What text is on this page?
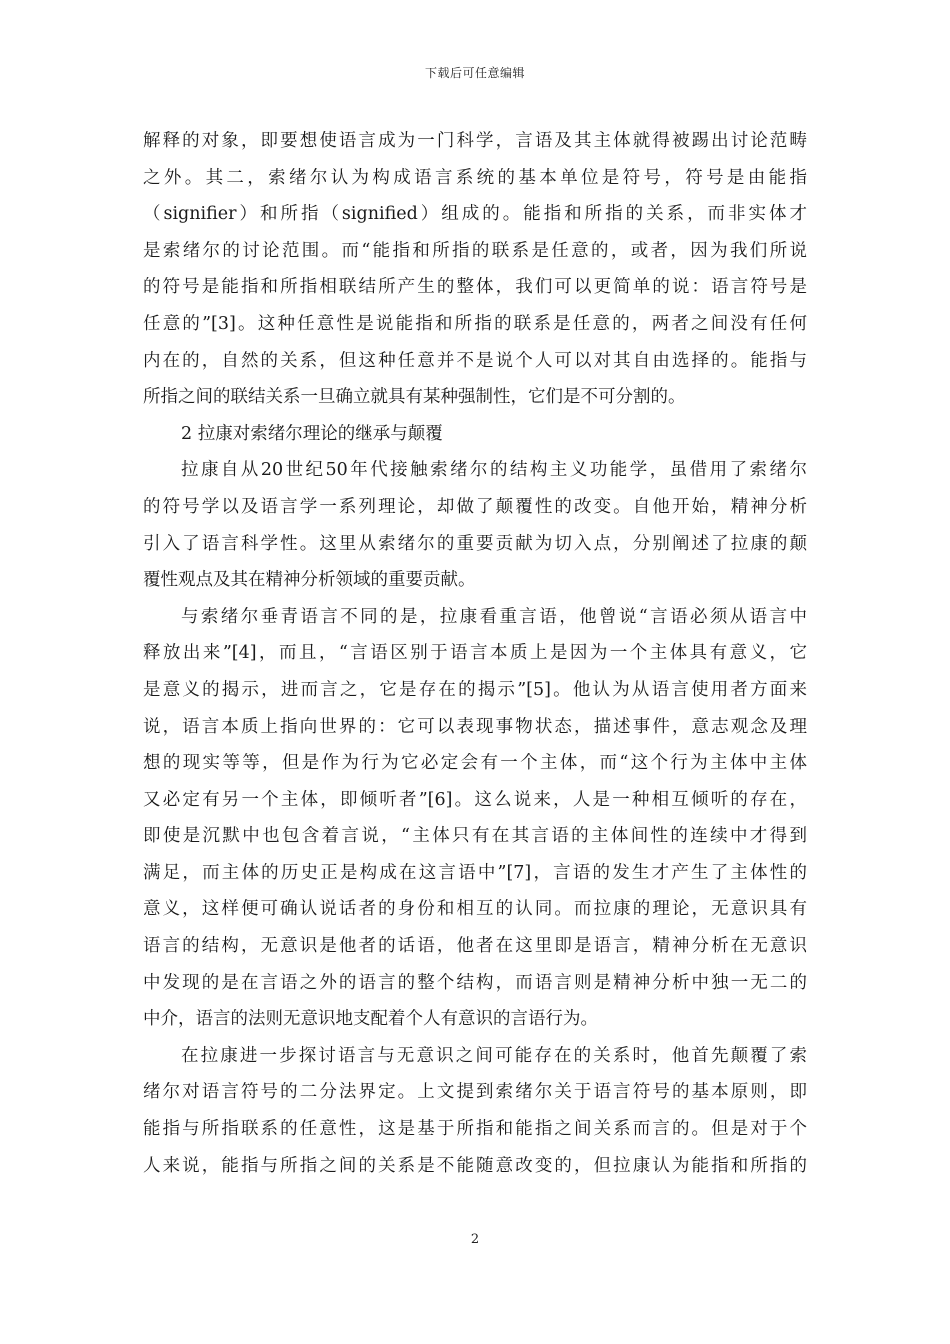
下载后可任意编辑
解释的对象，即要想使语言成为一门科学，言语及其主体就得被踢出讨论范畴
之外。其二，索绪尔认为构成语言系统的基本单位是符号，符号是由能指
（signifier）和所指（signified）组成的。能指和所指的关系，而非实体才
是索绪尔的讨论范围。而“能指和所指的联系是任意的，或者，因为我们所说
的符号是能指和所指相联结所产生的整体，我们可以更简单的说：语言符号是
任意的”[3]。这种任意性是说能指和所指的联系是任意的，两者之间没有任何
内在的，自然的关系，但这种任意并不是说个人可以对其自由选择的。能指与
所指之间的联结关系一旦确立就具有某种强制性，它们是不可分割的。
2 拉康对索绪尔理论的继承与颠覆
拉康自从20世纪50年代接触索绪尔的结构主义功能学，虽借用了索绪尔
的符号学以及语言学一系列理论，却做了颠覆性的改变。自他开始，精神分析
引入了语言科学性。这里从索绪尔的重要贡献为切入点，分别阐述了拉康的颠
覆性观点及其在精神分析领域的重要贡献。
与索绪尔垂青语言不同的是，拉康看重言语，他曾说“言语必须从语言中
释放出来”[4]，而且，“言语区别于语言本质上是因为一个主体具有意义，它
是意义的揭示，进而言之，它是存在的揭示”[5]。他认为从语言使用者方面来
说，语言本质上指向世界的：它可以表现事物状态，描述事件，意志观念及理
想的现实等等，但是作为行为它必定会有一个主体，而“这个行为主体中主体
又必定有另一个主体，即倾听者”[6]。这么说来，人是一种相互倾听的存在，
即使是沉默中也包含着言说，“主体只有在其言语的主体间性的连续中才得到
满足，而主体的历史正是构成在这言语中”[7]，言语的发生才产生了主体性的
意义，这样便可确认说话者的身份和相互的认同。而拉康的理论，无意识具有
语言的结构，无意识是他者的话语，他者在这里即是语言，精神分析在无意识
中发现的是在言语之外的语言的整个结构，而语言则是精神分析中独一无二的
中介，语言的法则无意识地支配着个人有意识的言语行为。
在拉康进一步探讨语言与无意识之间可能存在的关系时，他首先颠覆了索
绪尔对语言符号的二分法界定。上文提到索绪尔关于语言符号的基本原则，即
能指与所指联系的任意性，这是基于所指和能指之间关系而言的。但是对于个
人来说，能指与所指之间的关系是不能随意改变的，但拉康认为能指和所指的
2
